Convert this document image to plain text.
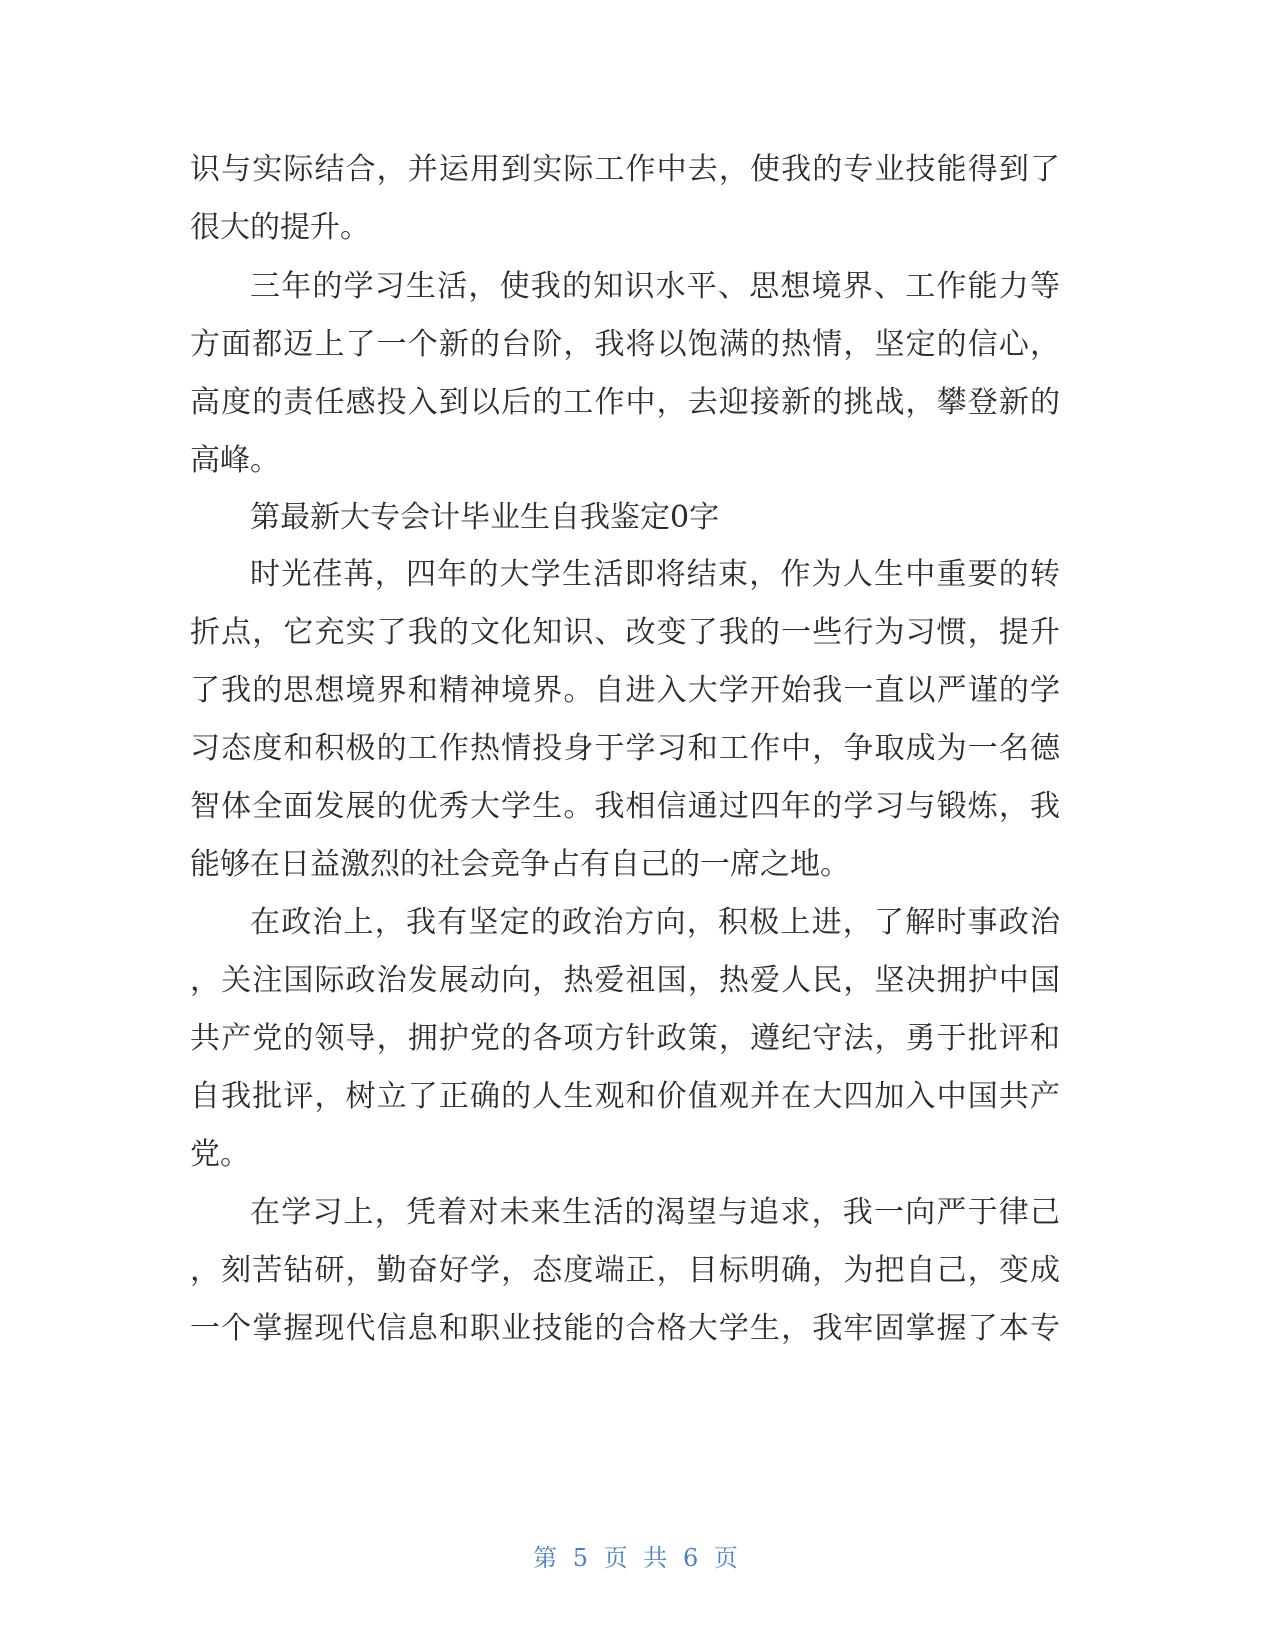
识与实际结合，并运用到实际工作中去，使我的专业技能得到了
很大的提升。
三年的学习生活，使我的知识水平、思想境界、工作能力等
方面都迈上了一个新的台阶，我将以饱满的热情，坚定的信心，
高度的责任感投入到以后的工作中，去迎接新的挑战，攀登新的
高峰。
第最新大专会计毕业生自我鉴定0字
时光荏苒，四年的大学生活即将结束，作为人生中重要的转
折点，它充实了我的文化知识、改变了我的一些行为习惯，提升
了我的思想境界和精神境界。自进入大学开始我一直以严谨的学
习态度和积极的工作热情投身于学习和工作中，争取成为一名德
智体全面发展的优秀大学生。我相信通过四年的学习与锻炼，我
能够在日益激烈的社会竞争占有自己的一席之地。
在政治上，我有坚定的政治方向，积极上进，了解时事政治
，关注国际政治发展动向，热爱祖国，热爱人民，坚决拥护中国
共产党的领导，拥护党的各项方针政策，遵纪守法，勇于批评和
自我批评，树立了正确的人生观和价值观并在大四加入中国共产
党。
在学习上，凭着对未来生活的渴望与追求，我一向严于律己
，刻苦钻研，勤奋好学，态度端正，目标明确，为把自己，变成
一个掌握现代信息和职业技能的合格大学生，我牢固掌握了本专
第 5 页 共 6 页
